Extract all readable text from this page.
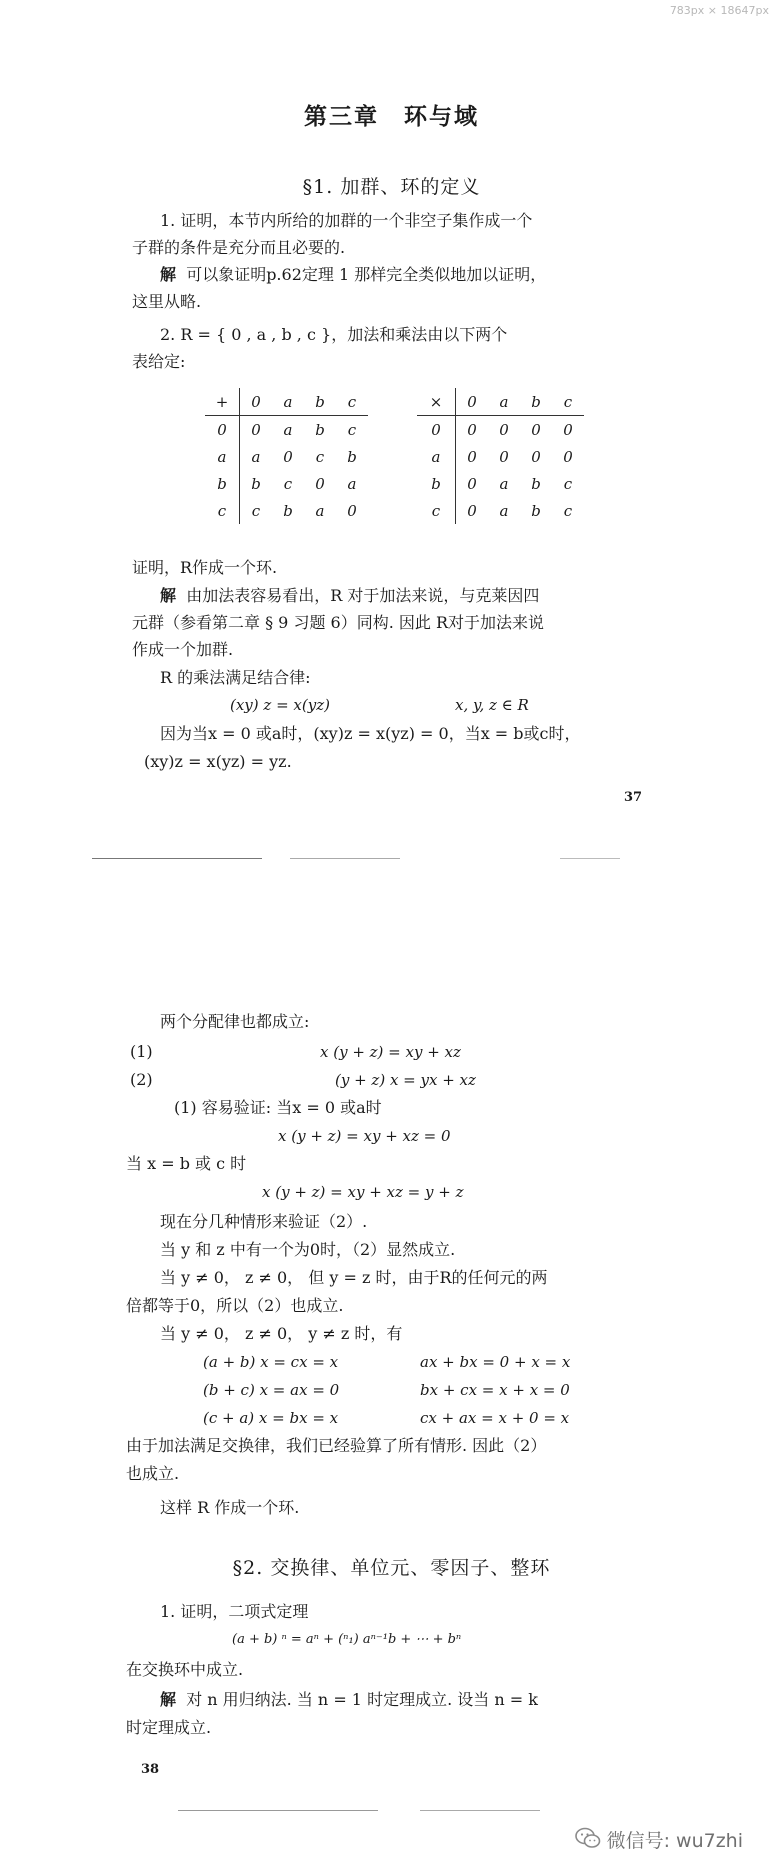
783px × 18647px
第三章　环与域
§1. 加群、环的定义
1. 证明，本节内所给的加群的一个非空子集作成一个
子群的条件是充分而且必要的.
解 可以象证明p.62定理 1 那样完全类似地加以证明，
这里从略.
2. R = { 0 , a , b , c }，加法和乘法由以下两个
表给定:
+	0	a	b	c
0	0	a	b	c
a	a	0	c	b
b	b	c	0	a
c	c	b	a	0
×	0	a	b	c
0	0	0	0	0
a	0	0	0	0
b	0	a	b	c
c	0	a	b	c
证明，R作成一个环.
解 由加法表容易看出，R 对于加法来说，与克莱因四
元群（参看第二章 § 9 习题 6）同构. 因此 R对于加法来说
作成一个加群.
R 的乘法满足结合律:
(xy) z = x(yz)	x, y, z ∈ R
因为当x = 0 或a时，(xy)z = x(yz) = 0，当x = b或c时，
(xy)z = x(yz) = yz.
37
两个分配律也都成立:
(1)	x (y + z) = xy + xz
(2)	(y + z) x = yx + xz
(1) 容易验证: 当x = 0 或a时
x (y + z) = xy + xz = 0
当 x = b 或 c 时
x (y + z) = xy + xz = y + z
现在分几种情形来验证（2）.
当 y 和 z 中有一个为0时，（2）显然成立.
当 y ≠ 0， z ≠ 0， 但 y = z 时，由于R的任何元的两
倍都等于0，所以（2）也成立.
当 y ≠ 0， z ≠ 0， y ≠ z 时，有
(a + b) x = cx = x	ax + bx = 0 + x = x
(b + c) x = ax = 0	bx + cx = x + x = 0
(c + a) x = bx = x	cx + ax = x + 0 = x
由于加法满足交换律，我们已经验算了所有情形. 因此（2）
也成立.
这样 R 作成一个环.
§2. 交换律、单位元、零因子、整环
1. 证明，二项式定理
(a + b) ⁿ = aⁿ + (ⁿ₁) aⁿ⁻¹b + ⋯ + bⁿ
在交换环中成立.
解 对 n 用归纳法. 当 n = 1 时定理成立. 设当 n = k
时定理成立.
38
微信号: wu7zhi
